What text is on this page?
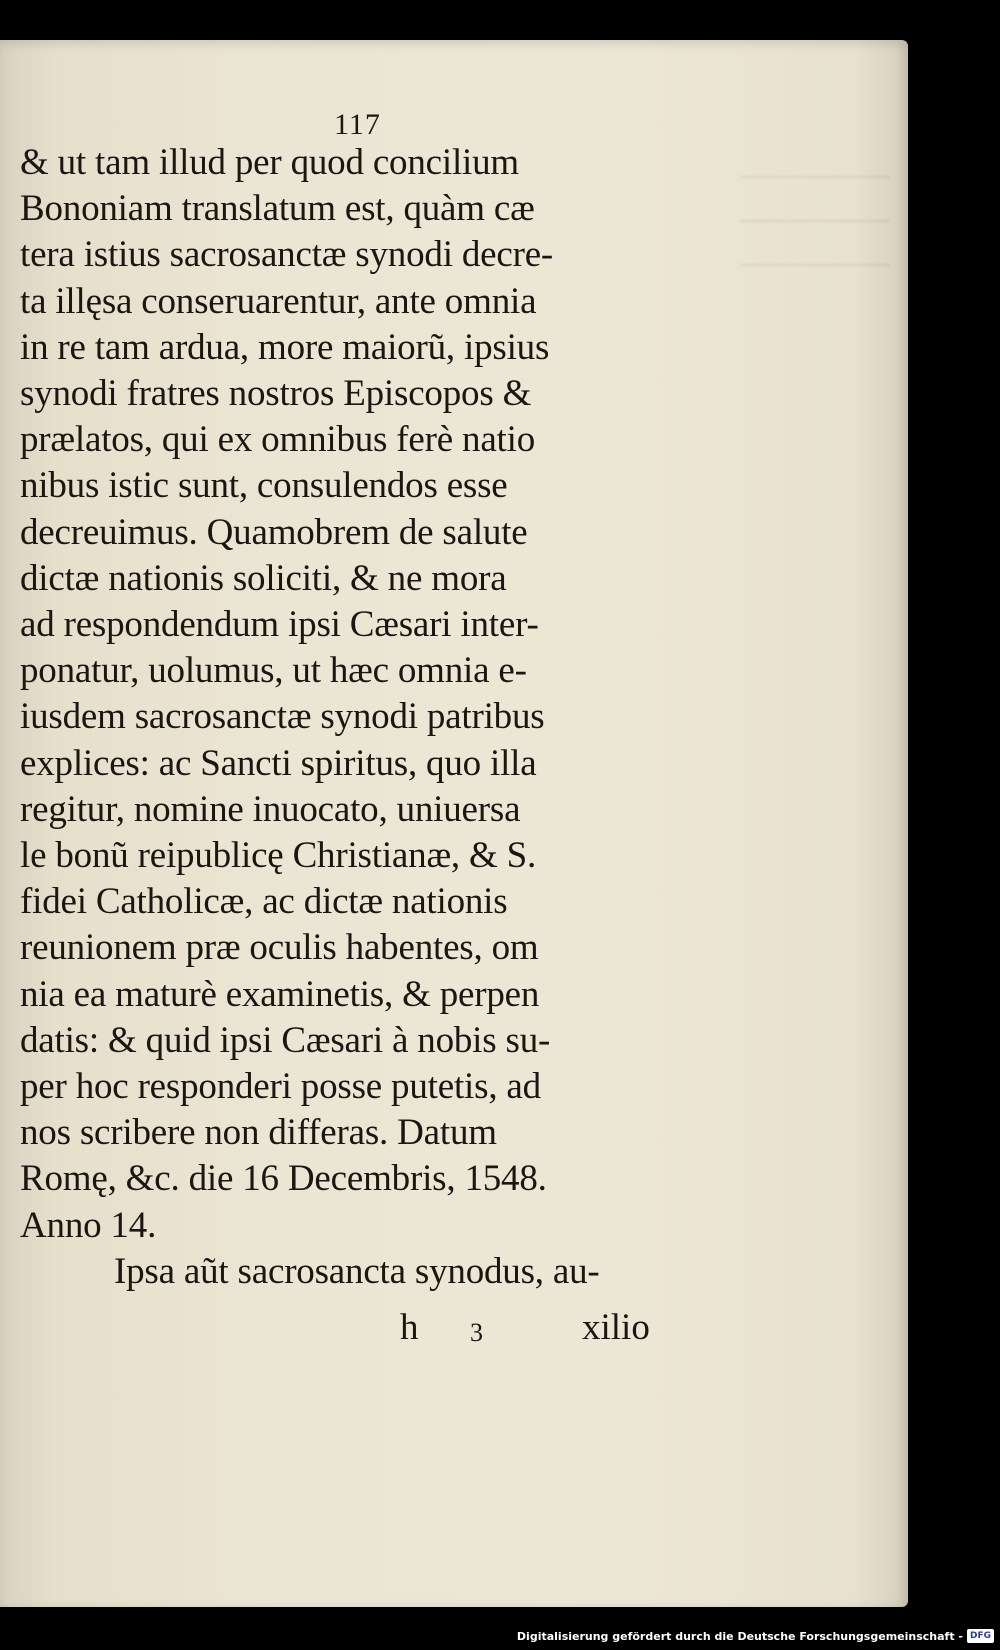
117
& ut tam illud per quod concilium
Bononiam translatum est, quàm cæ
tera istius sacrosanctæ synodi decre-
ta illęsa conseruarentur, ante omnia
in re tam ardua, more maiorũ, ipsius
synodi fratres nostros Episcopos &
prælatos, qui ex omnibus ferè natio
nibus istic sunt, consulendos esse
decreuimus. Quamobrem de salute
dictæ nationis soliciti, & ne mora
ad respondendum ipsi Cæsari inter-
ponatur, uolumus, ut hæc omnia e-
iusdem sacrosanctæ synodi patribus
explices: ac Sancti spiritus, quo illa
regitur, nomine inuocato, uniuersa
le bonũ reipublicę Christianæ, & S.
fidei Catholicæ, ac dictæ nationis
reunionem præ oculis habentes, om
nia ea maturè examinetis, & perpen
datis: & quid ipsi Cæsari à nobis su-
per hoc responderi posse putetis, ad
nos scribere non differas. Datum
Romę, &c. die 16 Decembris, 1548.
Anno 14.
Ipsa aũt sacrosancta synodus, au-
h 3	xilio
Digitalisierung gefördert durch die Deutsche Forschungsgemeinschaft - DFG
